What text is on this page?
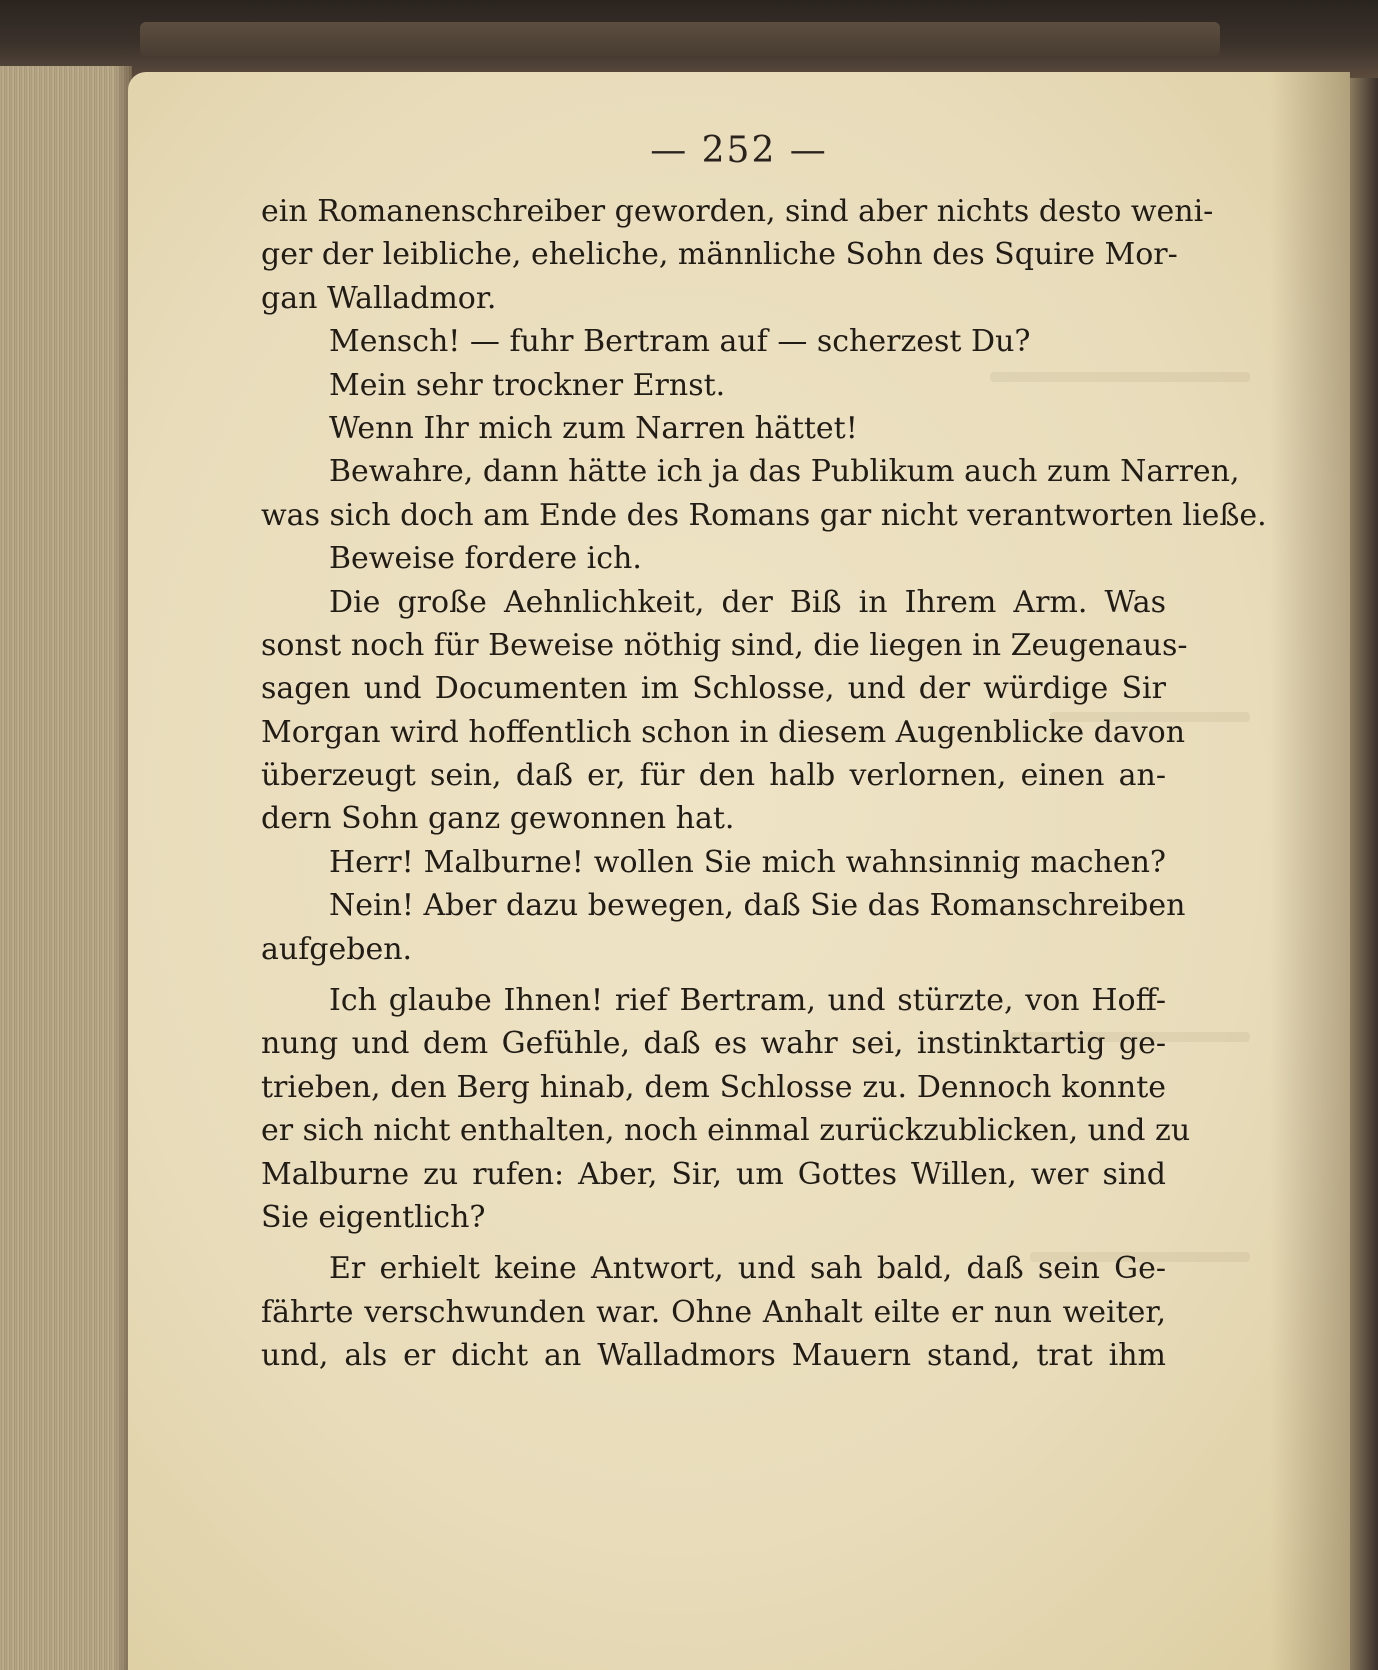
— 252 —
ein Romanenschreiber geworden, sind aber nichts desto weni-
ger der leibliche, eheliche, männliche Sohn des Squire Mor-
gan Walladmor.
Mensch! — fuhr Bertram auf — scherzest Du?
Mein sehr trockner Ernst.
Wenn Ihr mich zum Narren hättet!
Bewahre, dann hätte ich ja das Publikum auch zum Narren,
was sich doch am Ende des Romans gar nicht verantworten ließe.
Beweise fordere ich.
Die große Aehnlichkeit, der Biß in Ihrem Arm. Was
sonst noch für Beweise nöthig sind, die liegen in Zeugenaus-
sagen und Documenten im Schlosse, und der würdige Sir
Morgan wird hoffentlich schon in diesem Augenblicke davon
überzeugt sein, daß er, für den halb verlornen, einen an-
dern Sohn ganz gewonnen hat.
Herr! Malburne! wollen Sie mich wahnsinnig machen?
Nein! Aber dazu bewegen, daß Sie das Romanschreiben
aufgeben.
Ich glaube Ihnen! rief Bertram, und stürzte, von Hoff-
nung und dem Gefühle, daß es wahr sei, instinktartig ge-
trieben, den Berg hinab, dem Schlosse zu. Dennoch konnte
er sich nicht enthalten, noch einmal zurückzublicken, und zu
Malburne zu rufen: Aber, Sir, um Gottes Willen, wer sind
Sie eigentlich?
Er erhielt keine Antwort, und sah bald, daß sein Ge-
fährte verschwunden war. Ohne Anhalt eilte er nun weiter,
und, als er dicht an Walladmors Mauern stand, trat ihm
